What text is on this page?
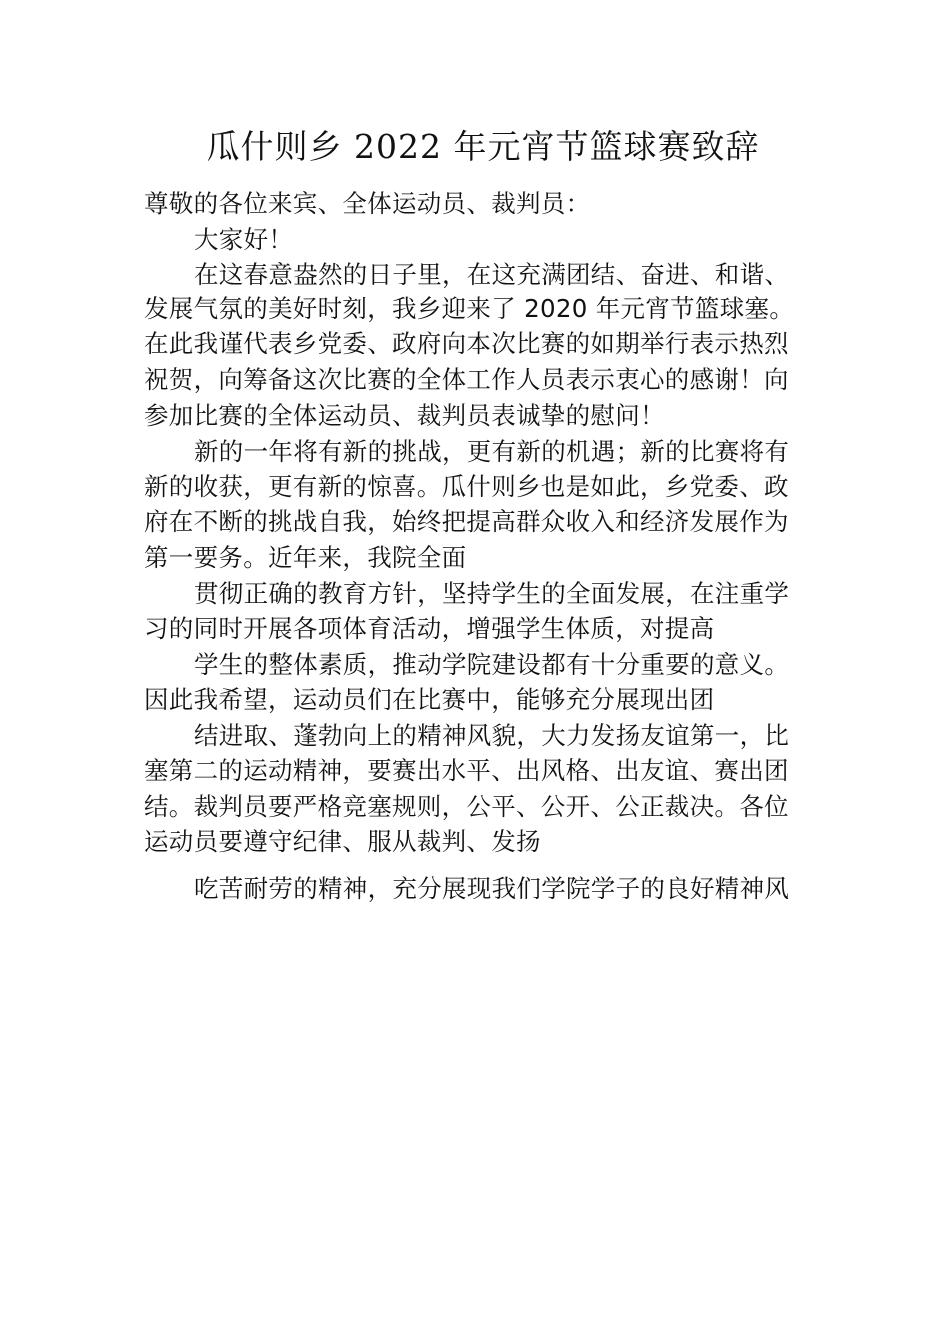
瓜什则乡 2022 年元宵节篮球赛致辞
尊敬的各位来宾、全体运动员、裁判员：
大家好！
在这春意盎然的日子里，在这充满团结、奋进、和谐、
发展气氛的美好时刻，我乡迎来了 2020 年元宵节篮球塞。
在此我谨代表乡党委、政府向本次比赛的如期举行表示热烈
祝贺，向筹备这次比赛的全体工作人员表示衷心的感谢！向
参加比赛的全体运动员、裁判员表诚挚的慰问！
新的一年将有新的挑战，更有新的机遇；新的比赛将有
新的收获，更有新的惊喜。瓜什则乡也是如此，乡党委、政
府在不断的挑战自我，始终把提高群众收入和经济发展作为
第一要务。近年来，我院全面
贯彻正确的教育方针，坚持学生的全面发展，在注重学
习的同时开展各项体育活动，增强学生体质，对提高
学生的整体素质，推动学院建设都有十分重要的意义。
因此我希望，运动员们在比赛中，能够充分展现出团
结进取、蓬勃向上的精神风貌，大力发扬友谊第一，比
塞第二的运动精神，要赛出水平、出风格、出友谊、赛出团
结。裁判员要严格竞塞规则，公平、公开、公正裁决。各位
运动员要遵守纪律、服从裁判、发扬
吃苦耐劳的精神，充分展现我们学院学子的良好精神风
